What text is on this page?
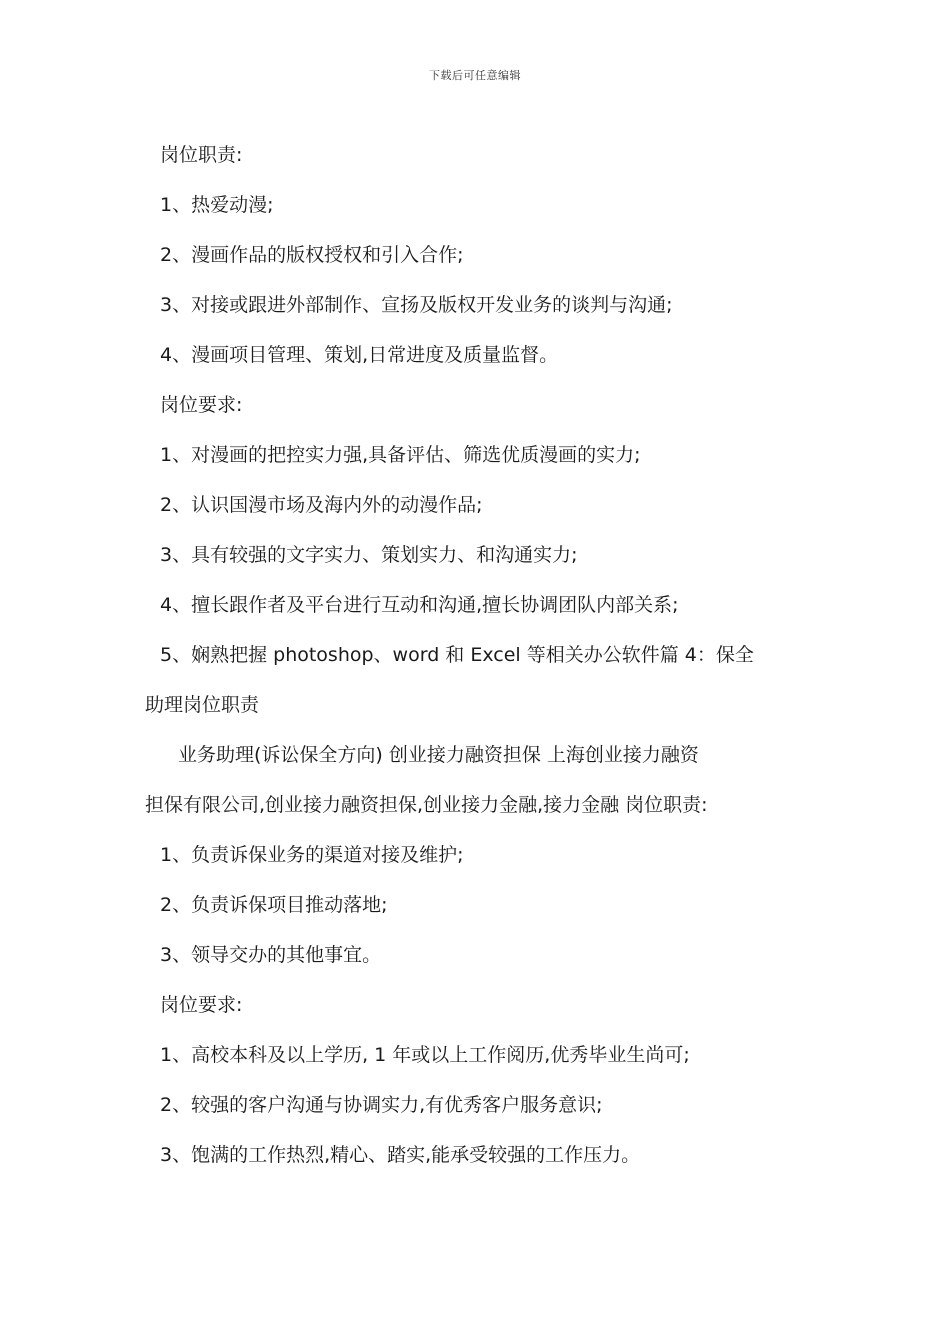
下载后可任意编辑
岗位职责:
1、热爱动漫;
2、漫画作品的版权授权和引入合作;
3、对接或跟进外部制作、宣扬及版权开发业务的谈判与沟通;
4、漫画项目管理、策划,日常进度及质量监督。
岗位要求:
1、对漫画的把控实力强,具备评估、筛选优质漫画的实力;
2、认识国漫市场及海内外的动漫作品;
3、具有较强的文字实力、策划实力、和沟通实力;
4、擅长跟作者及平台进行互动和沟通,擅长协调团队内部关系;
5、娴熟把握 photoshop、word 和 Excel 等相关办公软件篇 4：保全
助理岗位职责
业务助理(诉讼保全方向) 创业接力融资担保 上海创业接力融资
担保有限公司,创业接力融资担保,创业接力金融,接力金融 岗位职责:
1、负责诉保业务的渠道对接及维护;
2、负责诉保项目推动落地;
3、领导交办的其他事宜。
岗位要求:
1、高校本科及以上学历, 1 年或以上工作阅历,优秀毕业生尚可;
2、较强的客户沟通与协调实力,有优秀客户服务意识;
3、饱满的工作热烈,精心、踏实,能承受较强的工作压力。
